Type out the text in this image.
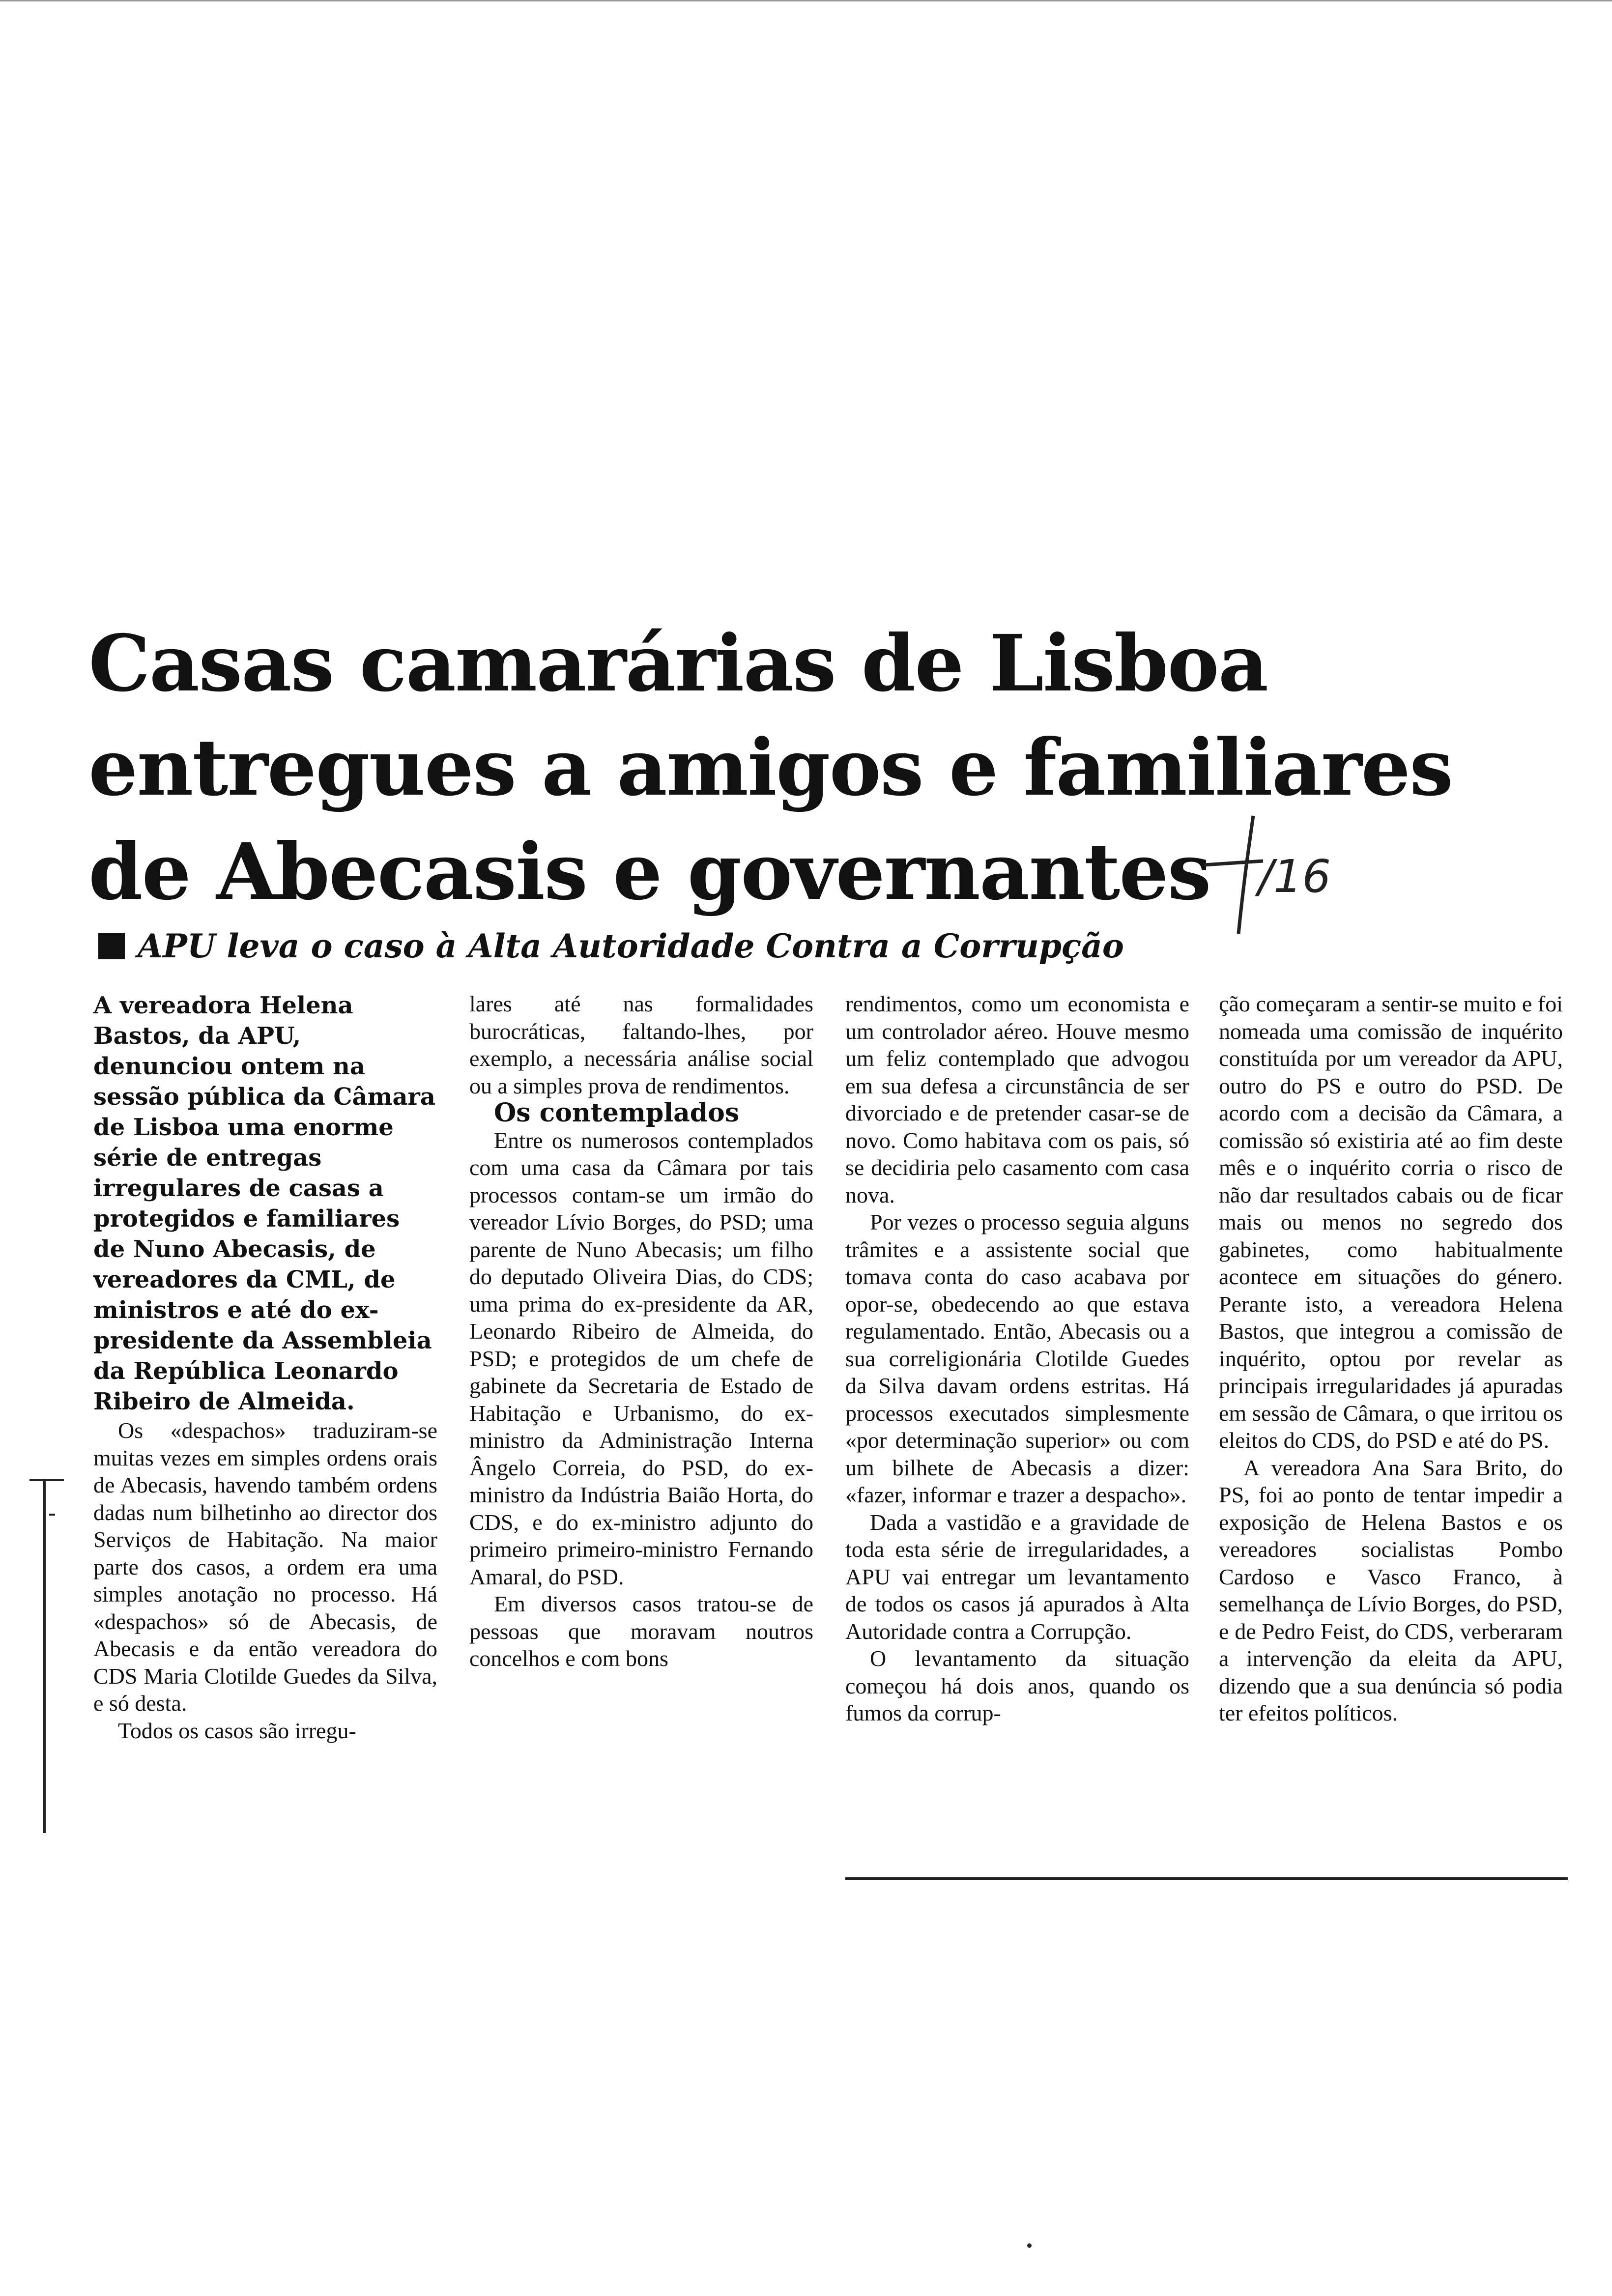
Casas camarárias de Lisboa
entregues a amigos e familiares
de Abecasis e governantes	/16
APU leva o caso à Alta Autoridade Contra a Corrupção

A vereadora Helena Bastos, da APU, denunciou ontem na sessão pública da Câmara de Lisboa uma enorme série de entregas irregulares de casas a protegidos e familiares de Nuno Abecasis, de vereadores da CML, de ministros e até do ex-presidente da Assembleia da República Leonardo Ribeiro de Almeida.

Os «despachos» traduziram-se muitas vezes em simples ordens orais de Abecasis, havendo também ordens dadas num bilhetinho ao director dos Serviços de Habitação. Na maior parte dos casos, a ordem era uma simples anotação no processo. Há «despachos» só de Abecasis, de Abecasis e da então vereadora do CDS Maria Clotilde Guedes da Silva, e só desta.

Todos os casos são irregu-

lares até nas formalidades burocráticas, faltando-lhes, por exemplo, a necessária análise social ou a simples prova de rendimentos.

Os contemplados

Entre os numerosos contemplados com uma casa da Câmara por tais processos contam-se um irmão do vereador Lívio Borges, do PSD; uma parente de Nuno Abecasis; um filho do deputado Oliveira Dias, do CDS; uma prima do ex-presidente da AR, Leonardo Ribeiro de Almeida, do PSD; e protegidos de um chefe de gabinete da Secretaria de Estado de Habitação e Urbanismo, do ex-ministro da Administração Interna Ângelo Correia, do PSD, do ex-ministro da Indústria Baião Horta, do CDS, e do ex-ministro adjunto do primeiro primeiro-ministro Fernando Amaral, do PSD.

Em diversos casos tratou-se de pessoas que moravam noutros concelhos e com bons

rendimentos, como um economista e um controlador aéreo. Houve mesmo um feliz contemplado que advogou em sua defesa a circunstância de ser divorciado e de pretender casar-se de novo. Como habitava com os pais, só se decidiria pelo casamento com casa nova.

Por vezes o processo seguia alguns trâmites e a assistente social que tomava conta do caso acabava por opor-se, obedecendo ao que estava regulamentado. Então, Abecasis ou a sua correligionária Clotilde Guedes da Silva davam ordens estritas. Há processos executados simplesmente «por determinação superior» ou com um bilhete de Abecasis a dizer: «fazer, informar e trazer a despacho».

Dada a vastidão e a gravidade de toda esta série de irregularidades, a APU vai entregar um levantamento de todos os casos já apurados à Alta Autoridade contra a Corrupção.

O levantamento da situação começou há dois anos, quando os fumos da corrup-

ção começaram a sentir-se muito e foi nomeada uma comissão de inquérito constituída por um vereador da APU, outro do PS e outro do PSD. De acordo com a decisão da Câmara, a comissão só existiria até ao fim deste mês e o inquérito corria o risco de não dar resultados cabais ou de ficar mais ou menos no segredo dos gabinetes, como habitualmente acontece em situações do género. Perante isto, a vereadora Helena Bastos, que integrou a comissão de inquérito, optou por revelar as principais irregularidades já apuradas em sessão de Câmara, o que irritou os eleitos do CDS, do PSD e até do PS.

A vereadora Ana Sara Brito, do PS, foi ao ponto de tentar impedir a exposição de Helena Bastos e os vereadores socialistas Pombo Cardoso e Vasco Franco, à semelhança de Lívio Borges, do PSD, e de Pedro Feist, do CDS, verberaram a intervenção da eleita da APU, dizendo que a sua denúncia só podia ter efeitos políticos.
